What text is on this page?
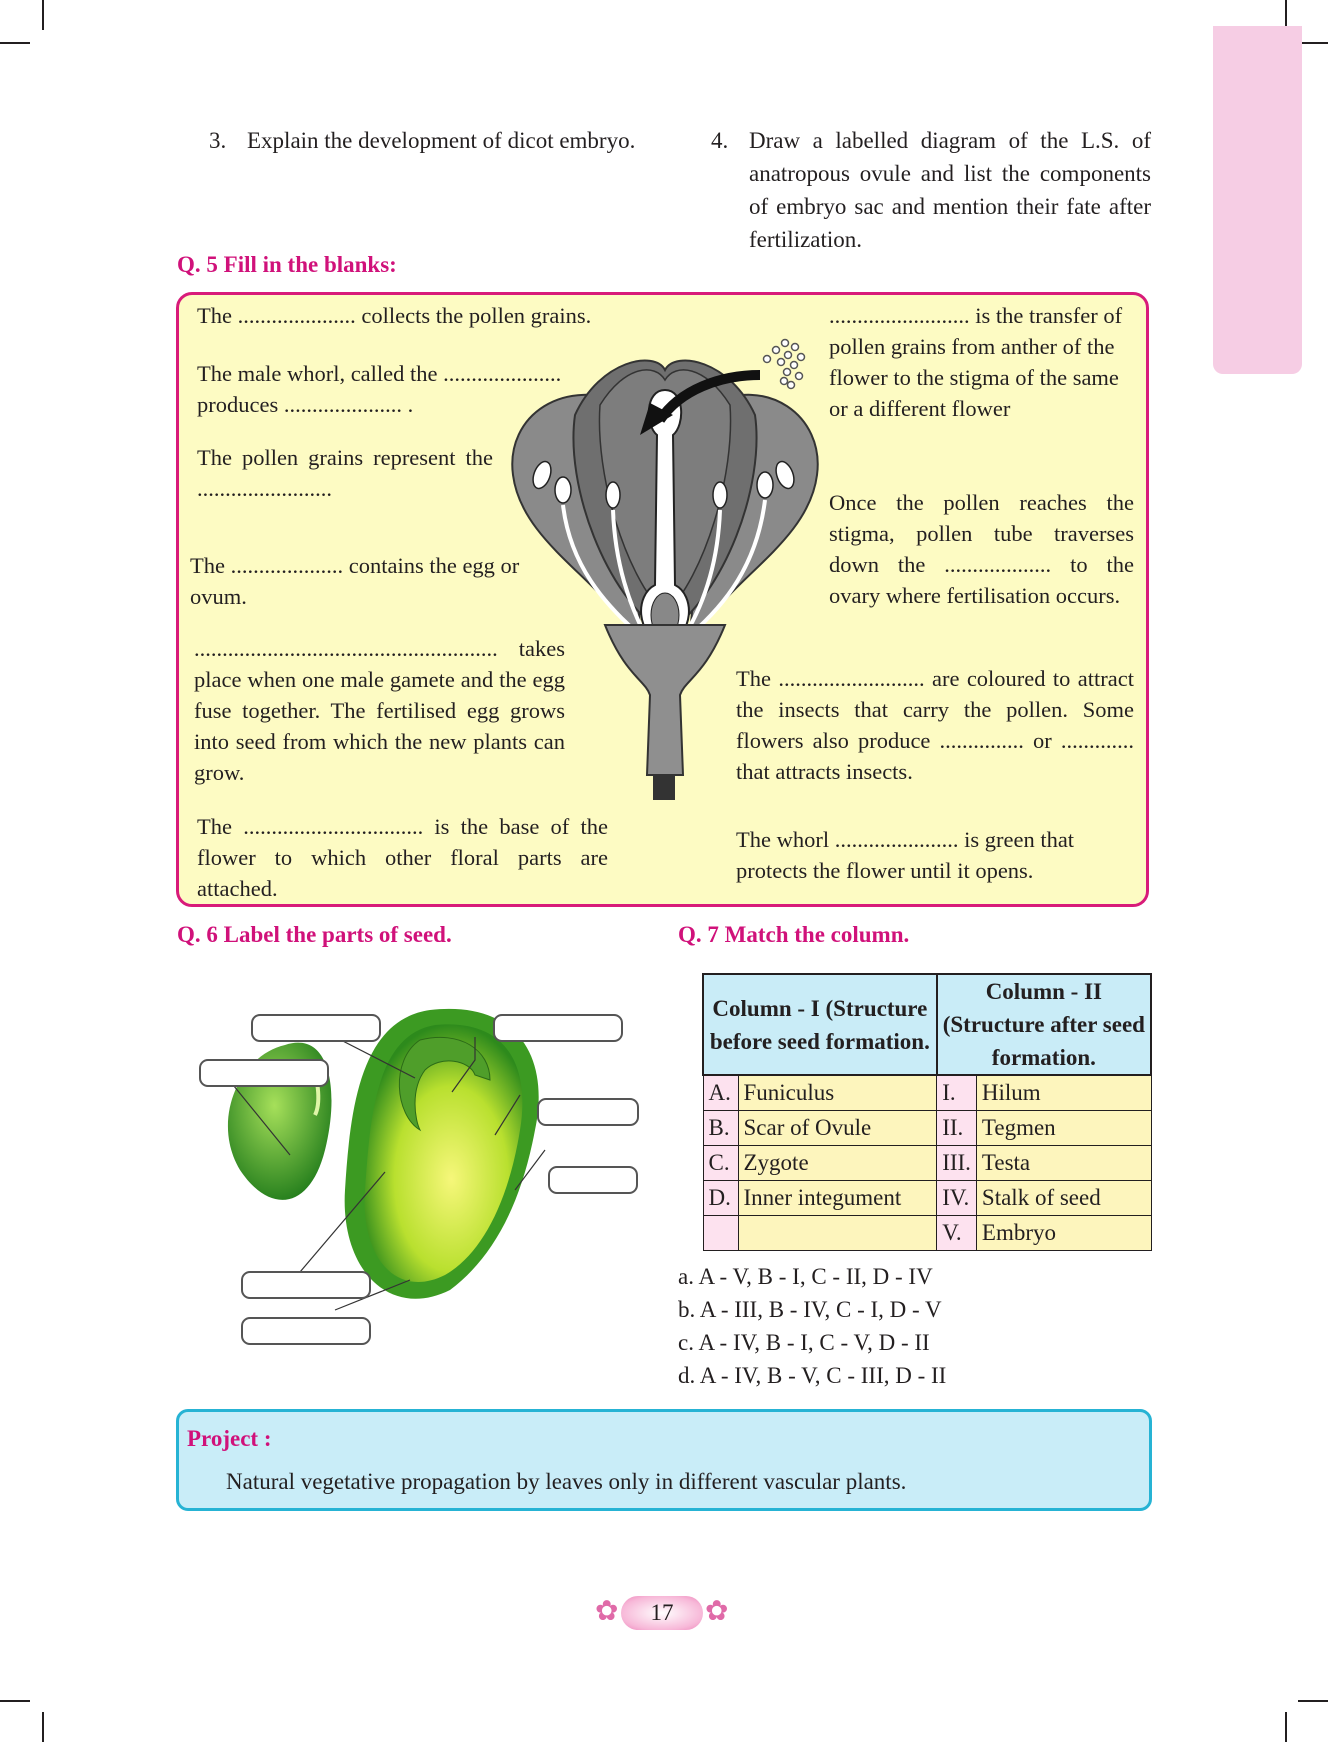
3. Explain the development of dicot embryo.	4. Draw a labelled diagram of the L.S. of anatropous ovule and list the components of embryo sac and mention their fate after fertilization.
Q. 5 Fill in the blanks:
The ..................... collects the pollen grains.
The male whorl, called the ..................... produces ..................... .
The pollen grains represent the ........................
The .................... contains the egg or ovum.
...................................................... takes place when one male gamete and the egg fuse together. The fertilised egg grows into seed from which the new plants can grow.
The ................................ is the base of the flower to which other floral parts are attached.
......................... is the transfer of pollen grains from anther of the flower to the stigma of the same or a different flower
Once the pollen reaches the stigma, pollen tube traverses down the ................... to the ovary where fertilisation occurs.
The .......................... are coloured to attract the insects that carry the pollen. Some flowers also produce ............... or ............. that attracts insects.
The whorl ...................... is green that protects the flower until it opens.
Q. 6 Label the parts of seed.	Q. 7 Match the column.
Column - I (Structure before seed formation.		Column - II (Structure after seed formation.	
A.	Funiculus	I.	Hilum
B.	Scar of Ovule	II.	Tegmen
C.	Zygote	III.	Testa
D.	Inner integument	IV.	Stalk of seed
		V.	Embryo
a. A - V, B - I, C - II, D - IV
b. A - III, B - IV, C - I, D - V
c. A - IV, B - I, C - V, D - II
d. A - IV, B - V, C - III, D - II
Project :
Natural vegetative propagation by leaves only in different vascular plants.
✿	17	✿
